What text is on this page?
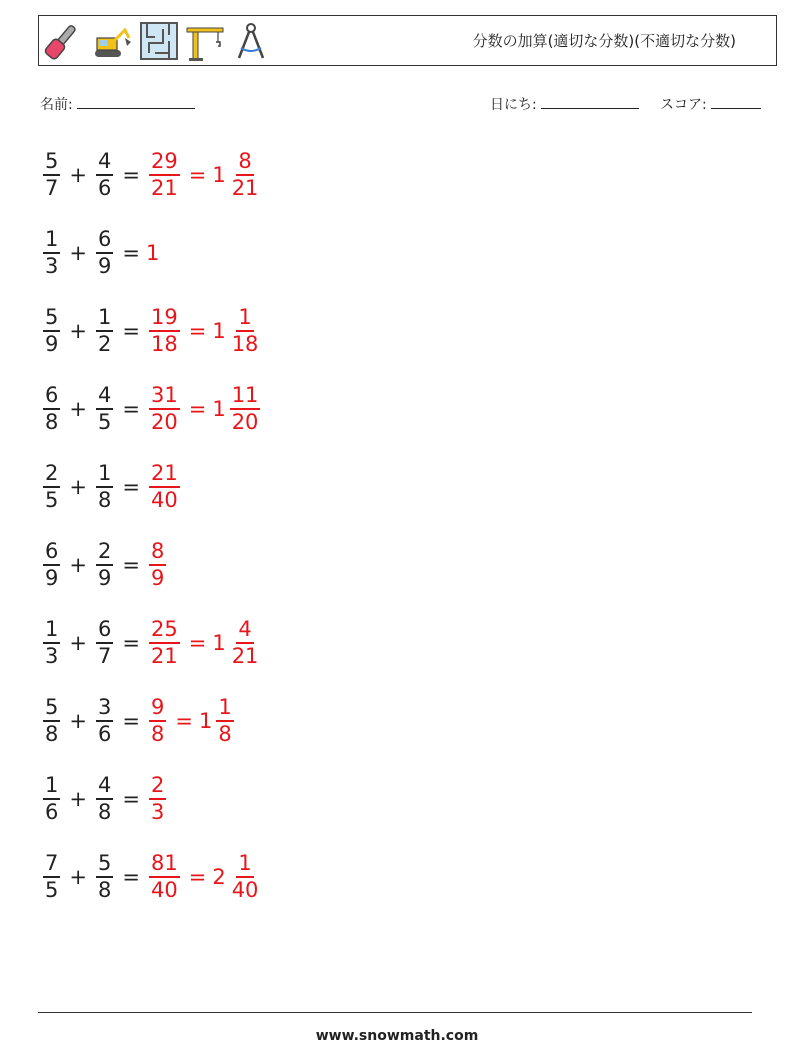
分数の加算(適切な分数)(不適切な分数)
名前:	日にち:	スコア:
$\frac{5}{7} + \frac{4}{6} = \frac{29}{21} = 1 \frac{8}{21}$
$\frac{1}{3} + \frac{6}{9} = 1$
$\frac{5}{9} + \frac{1}{2} = \frac{19}{18} = 1 \frac{1}{18}$
$\frac{6}{8} + \frac{4}{5} = \frac{31}{20} = 1 \frac{11}{20}$
$\frac{2}{5} + \frac{1}{8} = \frac{21}{40}$
$\frac{6}{9} + \frac{2}{9} = \frac{8}{9}$
$\frac{1}{3} + \frac{6}{7} = \frac{25}{21} = 1 \frac{4}{21}$
$\frac{5}{8} + \frac{3}{6} = \frac{9}{8} = 1 \frac{1}{8}$
$\frac{1}{6} + \frac{4}{8} = \frac{2}{3}$
$\frac{7}{5} + \frac{5}{8} = \frac{81}{40} = 2 \frac{1}{40}$
www.snowmath.com
